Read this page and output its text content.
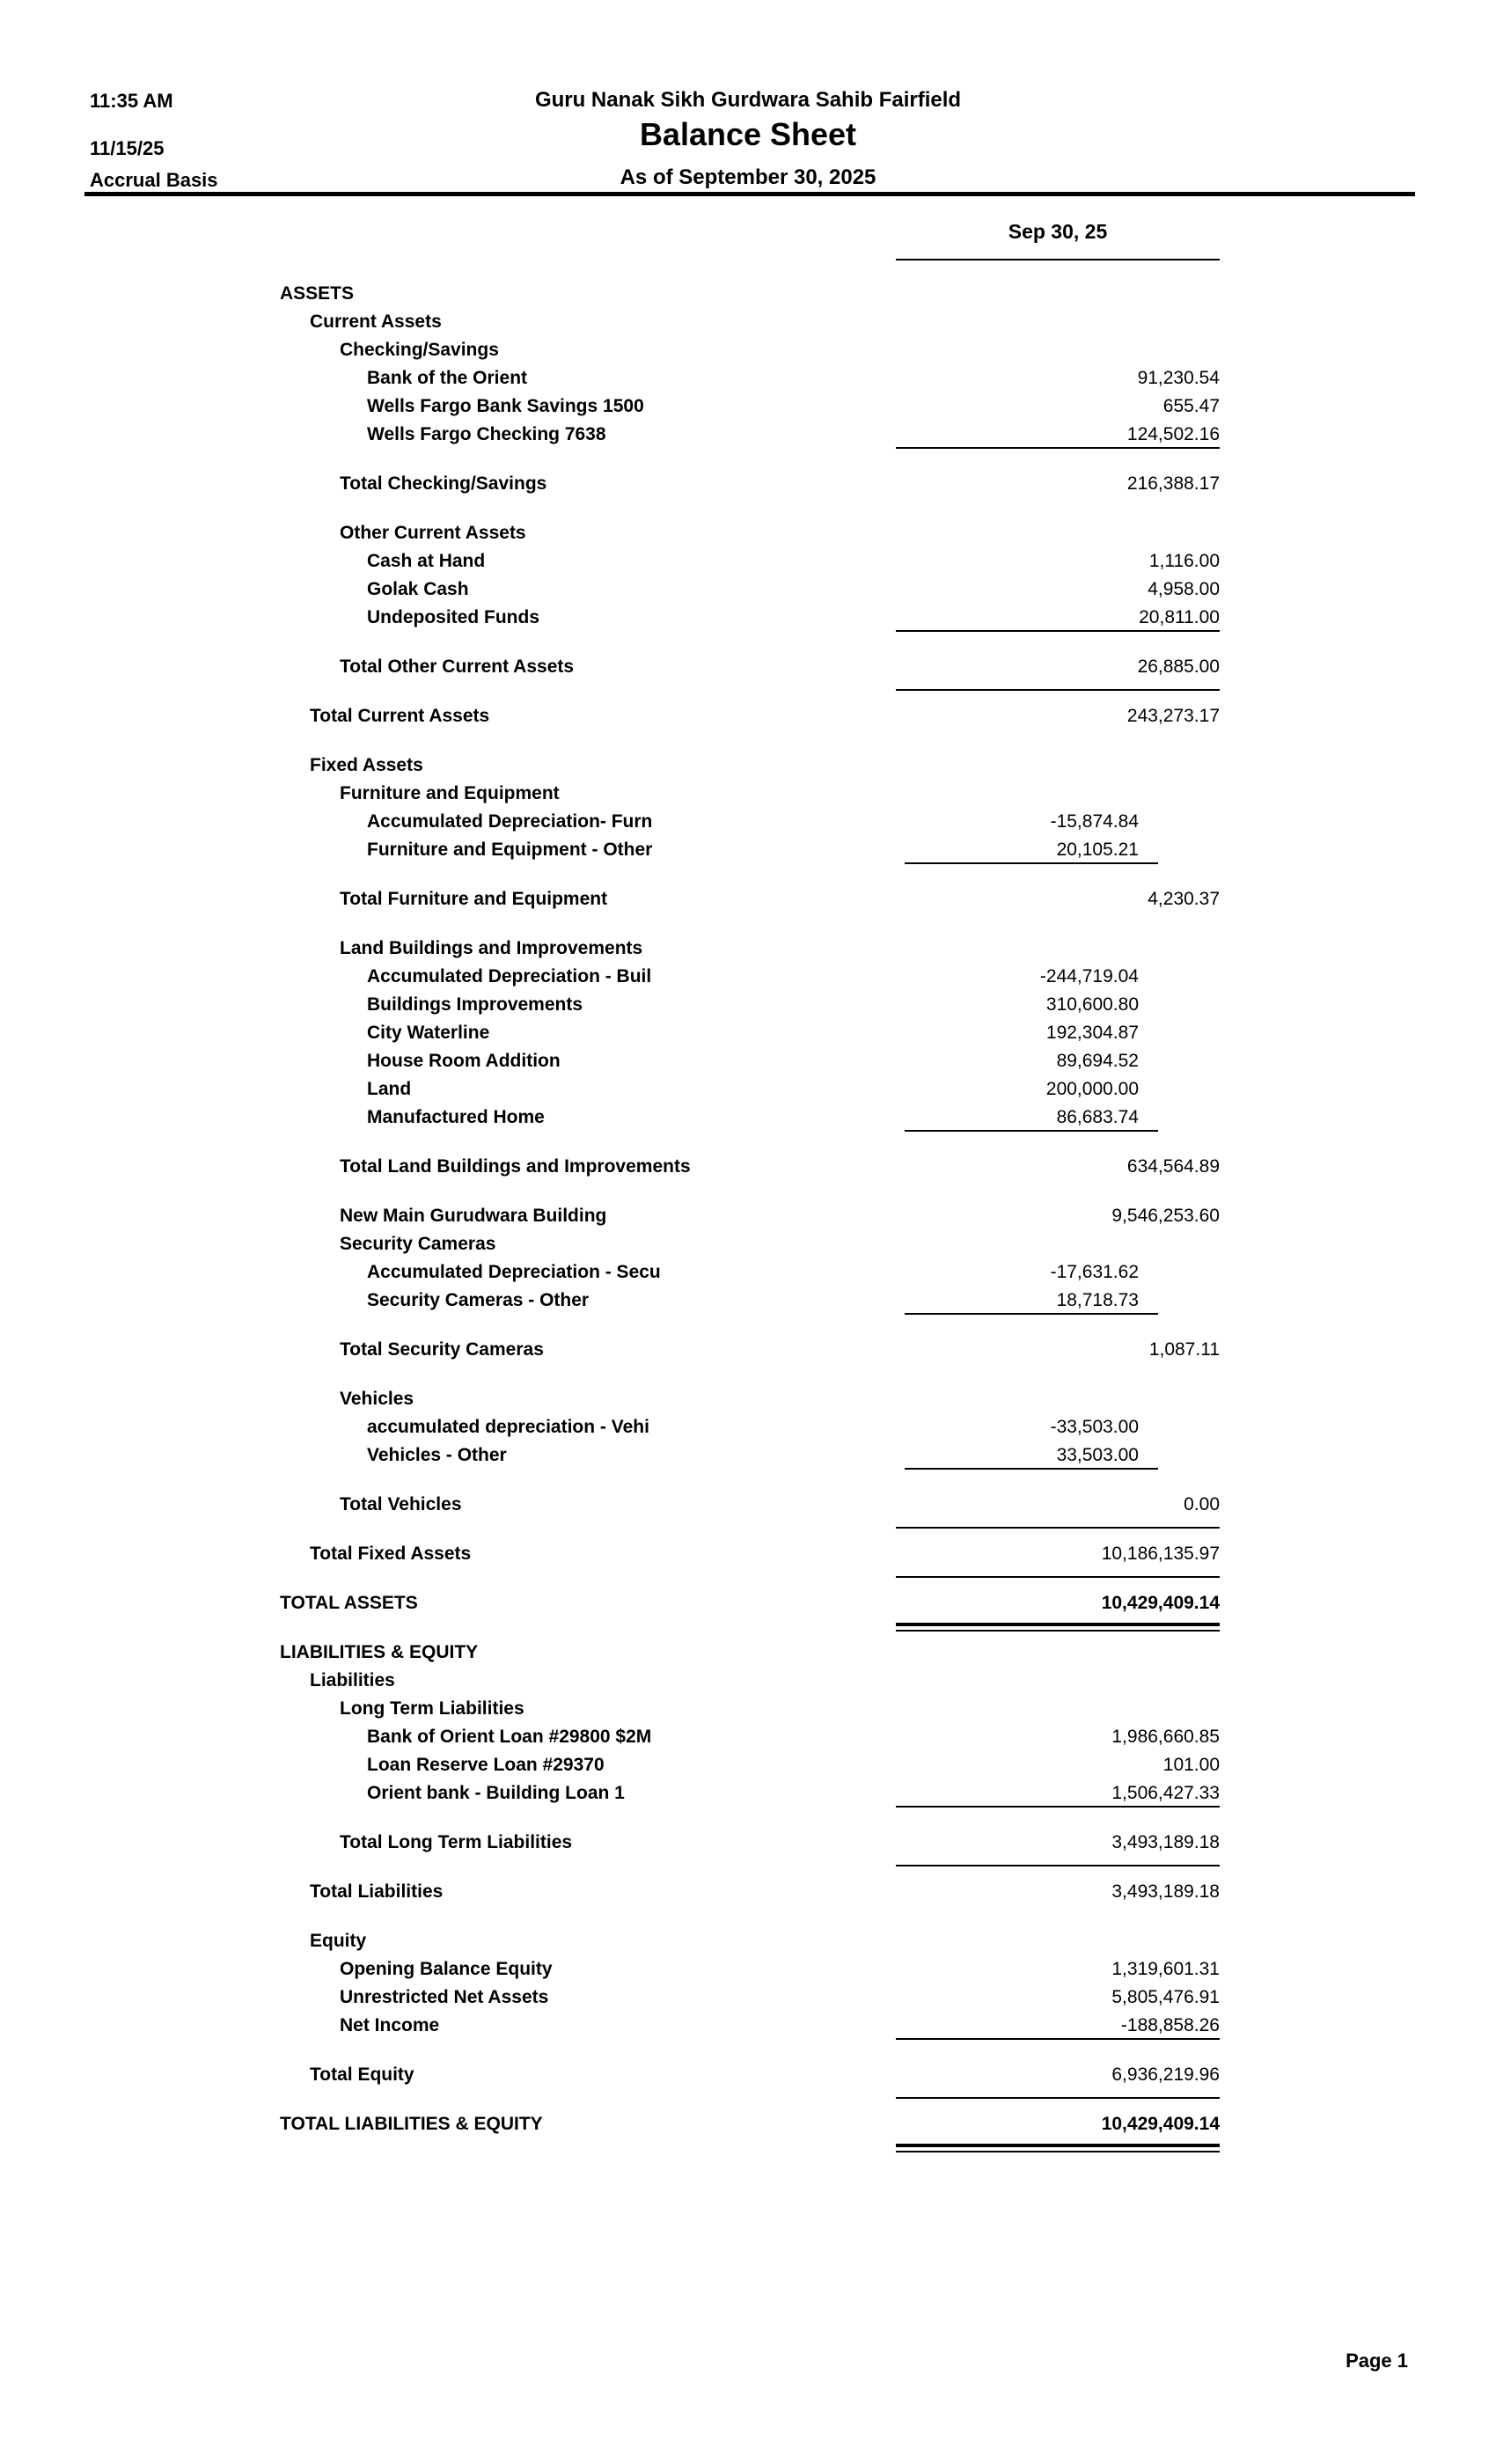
11:35 AM
11/15/25
Accrual Basis
Guru Nanak Sikh Gurdwara Sahib Fairfield
Balance Sheet
As of September 30, 2025
Sep 30, 25
ASSETS
Current Assets
Checking/Savings
Bank of the Orient	91,230.54
Wells Fargo Bank Savings 1500	655.47
Wells Fargo Checking 7638	124,502.16
Total Checking/Savings	216,388.17
Other Current Assets
Cash at Hand	1,116.00
Golak Cash	4,958.00
Undeposited Funds	20,811.00
Total Other Current Assets	26,885.00
Total Current Assets	243,273.17
Fixed Assets
Furniture and Equipment
Accumulated Depreciation- Furn	-15,874.84
Furniture and Equipment - Other	20,105.21
Total Furniture and Equipment	4,230.37
Land Buildings and Improvements
Accumulated Depreciation - Buil	-244,719.04
Buildings Improvements	310,600.80
City Waterline	192,304.87
House Room Addition	89,694.52
Land	200,000.00
Manufactured Home	86,683.74
Total Land Buildings and Improvements	634,564.89
New Main Gurudwara Building	9,546,253.60
Security Cameras
Accumulated Depreciation - Secu	-17,631.62
Security Cameras - Other	18,718.73
Total Security Cameras	1,087.11
Vehicles
accumulated depreciation - Vehi	-33,503.00
Vehicles - Other	33,503.00
Total Vehicles	0.00
Total Fixed Assets	10,186,135.97
TOTAL ASSETS	10,429,409.14
LIABILITIES & EQUITY
Liabilities
Long Term Liabilities
Bank of Orient Loan #29800 $2M	1,986,660.85
Loan Reserve Loan #29370	101.00
Orient bank - Building Loan 1	1,506,427.33
Total Long Term Liabilities	3,493,189.18
Total Liabilities	3,493,189.18
Equity
Opening Balance Equity	1,319,601.31
Unrestricted Net Assets	5,805,476.91
Net Income	-188,858.26
Total Equity	6,936,219.96
TOTAL LIABILITIES & EQUITY	10,429,409.14
Page 1
